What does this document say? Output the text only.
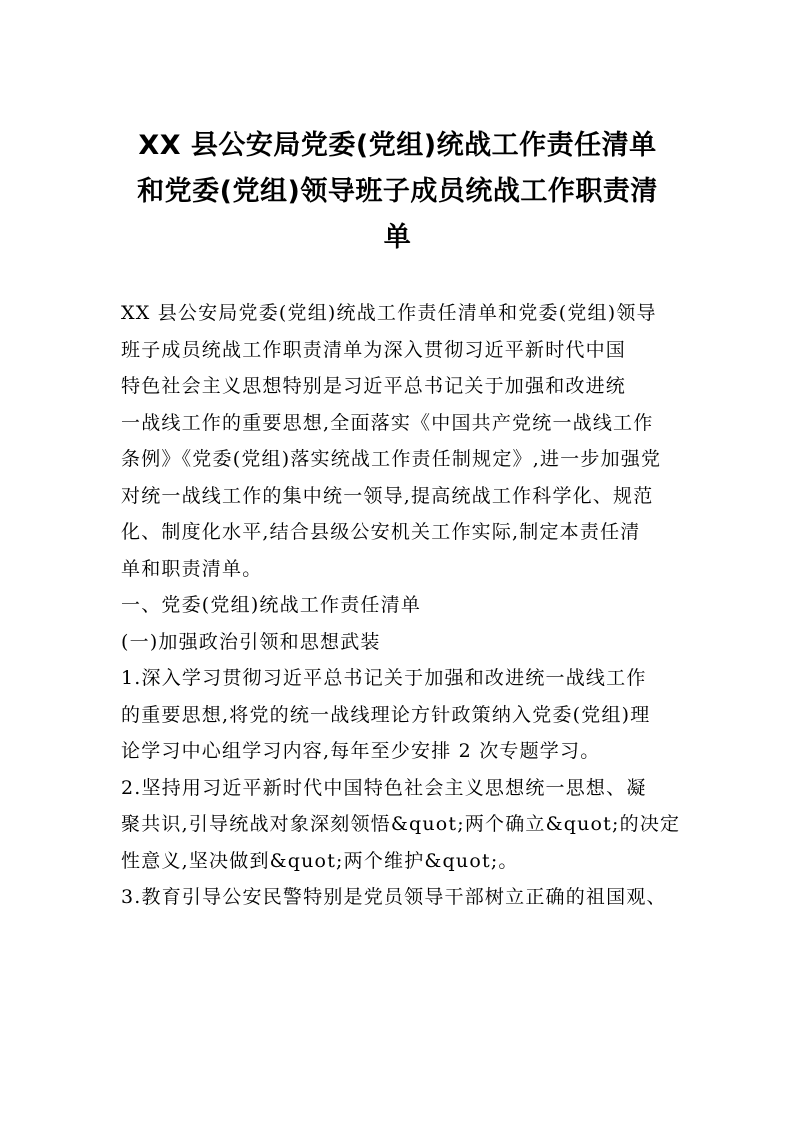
XX 县公安局党委(党组)统战工作责任清单
和党委(党组)领导班子成员统战工作职责清
单
XX 县公安局党委(党组)统战工作责任清单和党委(党组)领导
班子成员统战工作职责清单为深入贯彻习近平新时代中国
特色社会主义思想特别是习近平总书记关于加强和改进统
一战线工作的重要思想,全面落实《中国共产党统一战线工作
条例》《党委(党组)落实统战工作责任制规定》,进一步加强党
对统一战线工作的集中统一领导,提高统战工作科学化、规范
化、制度化水平,结合县级公安机关工作实际,制定本责任清
单和职责清单。
一、党委(党组)统战工作责任清单
(一)加强政治引领和思想武装
1.深入学习贯彻习近平总书记关于加强和改进统一战线工作
的重要思想,将党的统一战线理论方针政策纳入党委(党组)理
论学习中心组学习内容,每年至少安排 2 次专题学习。
2.坚持用习近平新时代中国特色社会主义思想统一思想、凝
聚共识,引导统战对象深刻领悟&quot;两个确立&quot;的决定
性意义,坚决做到&quot;两个维护&quot;。
3.教育引导公安民警特别是党员领导干部树立正确的祖国观、
